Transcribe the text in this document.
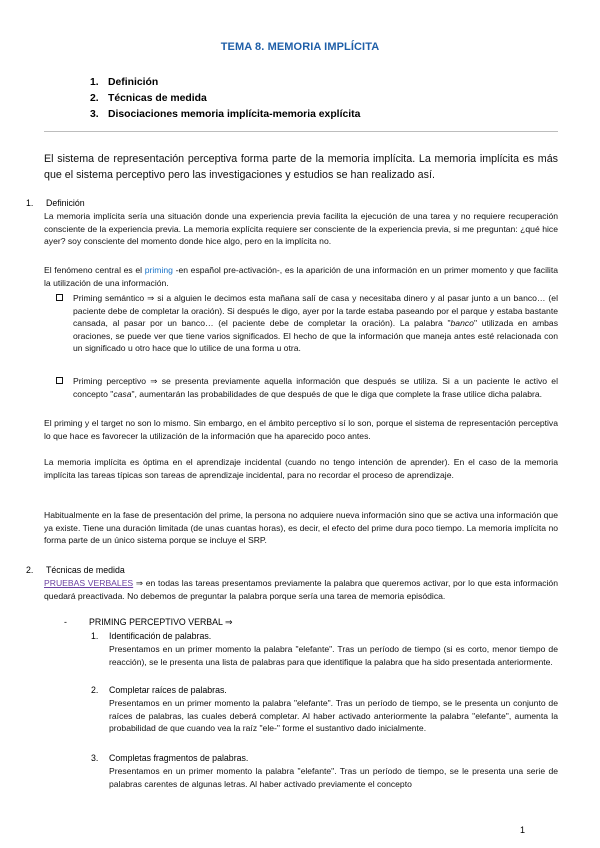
TEMA 8. MEMORIA IMPLÍCITA
1. Definición
2. Técnicas de medida
3. Disociaciones memoria implícita-memoria explícita
El sistema de representación perceptiva forma parte de la memoria implícita. La memoria implícita es más que el sistema perceptivo pero las investigaciones y estudios se han realizado así.
1. Definición
La memoria implícita sería una situación donde una experiencia previa facilita la ejecución de una tarea y no requiere recuperación consciente de la experiencia previa. La memoria explícita requiere ser consciente de la experiencia previa, si me preguntan: ¿qué hice ayer? soy consciente del momento donde hice algo, pero en la implícita no.
El fenómeno central es el priming -en español pre-activación-, es la aparición de una información en un primer momento y que facilita la utilización de una información.
Priming semántico ⇒ si a alguien le decimos esta mañana salí de casa y necesitaba dinero y al pasar junto a un banco… (el paciente debe de completar la oración). Si después le digo, ayer por la tarde estaba paseando por el parque y estaba bastante cansada, al pasar por un banco… (el paciente debe de completar la oración). La palabra "banco" utilizada en ambas oraciones, se puede ver que tiene varios significados. El hecho de que la información que maneja antes esté relacionada con un significado u otro hace que lo utilice de una forma u otra.
Priming perceptivo ⇒ se presenta previamente aquella información que después se utiliza. Si a un paciente le activo el concepto "casa", aumentarán las probabilidades de que después de que le diga que complete la frase utilice dicha palabra.
El priming y el target no son lo mismo. Sin embargo, en el ámbito perceptivo sí lo son, porque el sistema de representación perceptiva lo que hace es favorecer la utilización de la información que ha aparecido poco antes.
La memoria implícita es óptima en el aprendizaje incidental (cuando no tengo intención de aprender). En el caso de la memoria implícita las tareas típicas son tareas de aprendizaje incidental, para no recordar el proceso de aprendizaje.
Habitualmente en la fase de presentación del prime, la persona no adquiere nueva información sino que se activa una información que ya existe. Tiene una duración limitada (de unas cuantas horas), es decir, el efecto del prime dura poco tiempo. La memoria implícita no forma parte de un único sistema porque se incluye el SRP.
2. Técnicas de medida
PRUEBAS VERBALES ⇒ en todas las tareas presentamos previamente la palabra que queremos activar, por lo que esta información quedará preactivada. No debemos de preguntar la palabra porque sería una tarea de memoria episódica.
-	PRIMING PERCEPTIVO VERBAL ⇒
1. Identificación de palabras.
Presentamos en un primer momento la palabra "elefante". Tras un período de tiempo (si es corto, menor tiempo de reacción), se le presenta una lista de palabras para que identifique la palabra que ha sido presentada anteriormente.
2. Completar raíces de palabras.
Presentamos en un primer momento la palabra "elefante". Tras un período de tiempo, se le presenta un conjunto de raíces de palabras, las cuales deberá completar. Al haber activado anteriormente la palabra "elefante", aumenta la probabilidad de que cuando vea la raíz "ele-" forme el sustantivo dado inicialmente.
3. Completas fragmentos de palabras.
Presentamos en un primer momento la palabra "elefante". Tras un período de tiempo, se le presenta una serie de palabras carentes de algunas letras. Al haber activado previamente el concepto
1
